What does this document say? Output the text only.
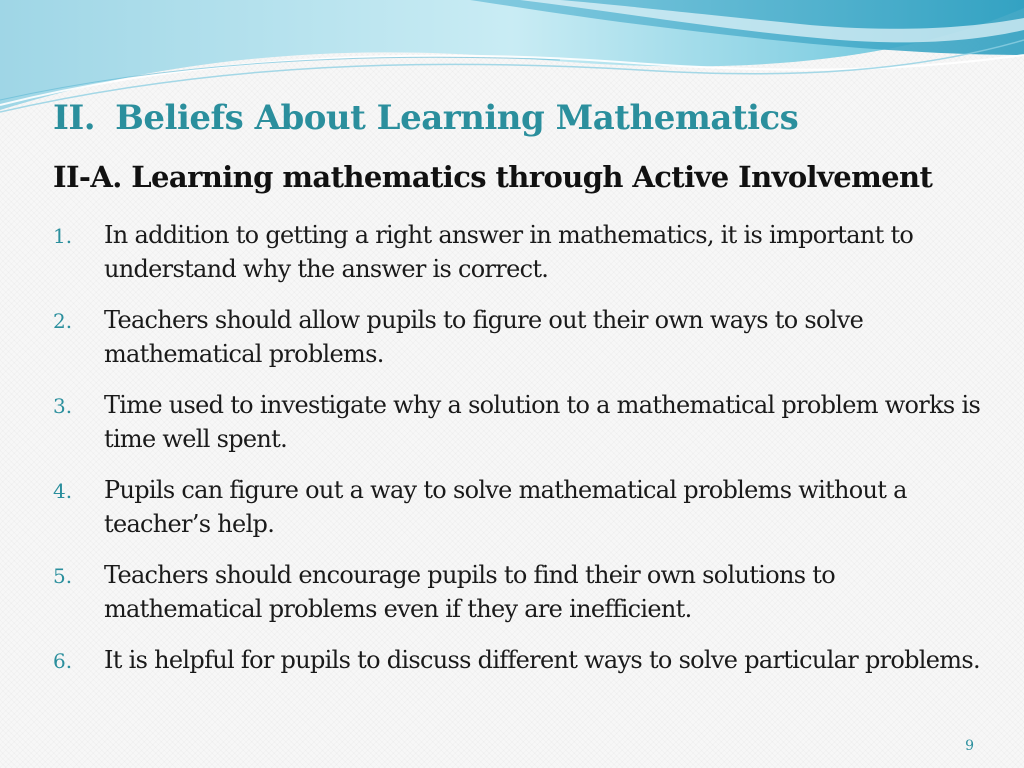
II. Beliefs About Learning Mathematics
II-A. Learning mathematics through Active Involvement
1.	In addition to getting a right answer in mathematics, it is important to understand why the answer is correct.
2.	Teachers should allow pupils to figure out their own ways to solve mathematical problems.
3.	Time used to investigate why a solution to a mathematical problem works is time well spent.
4.	Pupils can figure out a way to solve mathematical problems without a teacher’s help.
5.	Teachers should encourage pupils to find their own solutions to mathematical problems even if they are inefficient.
6.	It is helpful for pupils to discuss different ways to solve particular problems.
9
